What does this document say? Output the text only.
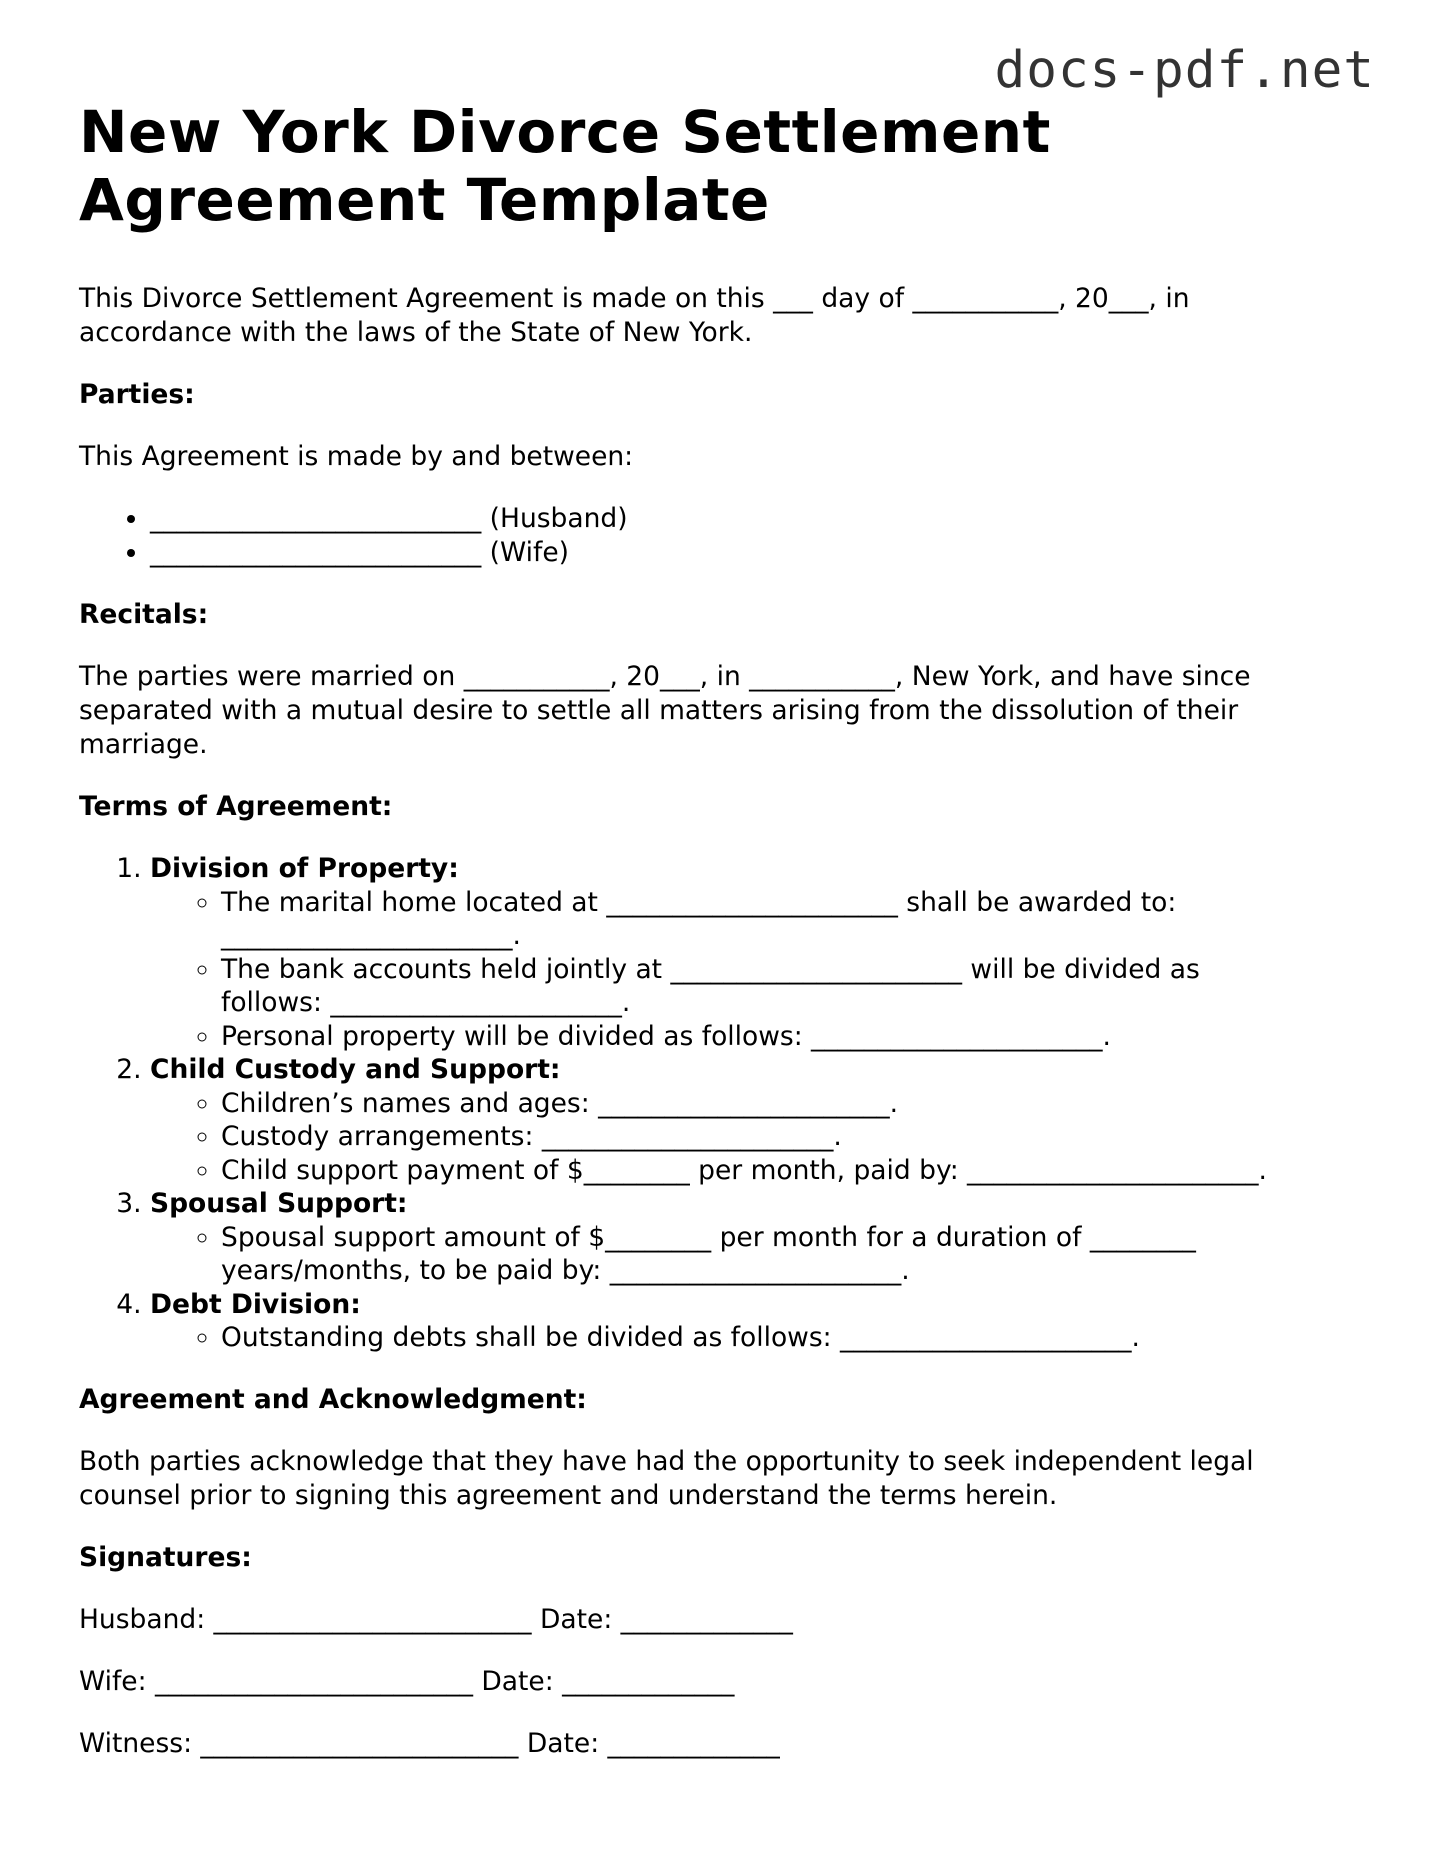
docs-pdf.net
New York Divorce Settlement
Agreement Template

This Divorce Settlement Agreement is made on this ___ day of ___________, 20___, in
accordance with the laws of the State of New York.

Parties:

This Agreement is made by and between:

• _________________________ (Husband)
• _________________________ (Wife)

Recitals:

The parties were married on ___________, 20___, in ___________, New York, and have since
separated with a mutual desire to settle all matters arising from the dissolution of their
marriage.

Terms of Agreement:

1. Division of Property:
◦ The marital home located at ______________________ shall be awarded to:
______________________.
◦ The bank accounts held jointly at ______________________ will be divided as
follows: ______________________.
◦ Personal property will be divided as follows: ______________________.
2. Child Custody and Support:
◦ Children’s names and ages: ______________________.
◦ Custody arrangements: ______________________.
◦ Child support payment of $________ per month, paid by: ______________________.
3. Spousal Support:
◦ Spousal support amount of $________ per month for a duration of ________
years/months, to be paid by: ______________________.
4. Debt Division:
◦ Outstanding debts shall be divided as follows: ______________________.

Agreement and Acknowledgment:

Both parties acknowledge that they have had the opportunity to seek independent legal
counsel prior to signing this agreement and understand the terms herein.

Signatures:

Husband: ________________________ Date: _____________
Wife: ________________________ Date: _____________
Witness: ________________________ Date: _____________
